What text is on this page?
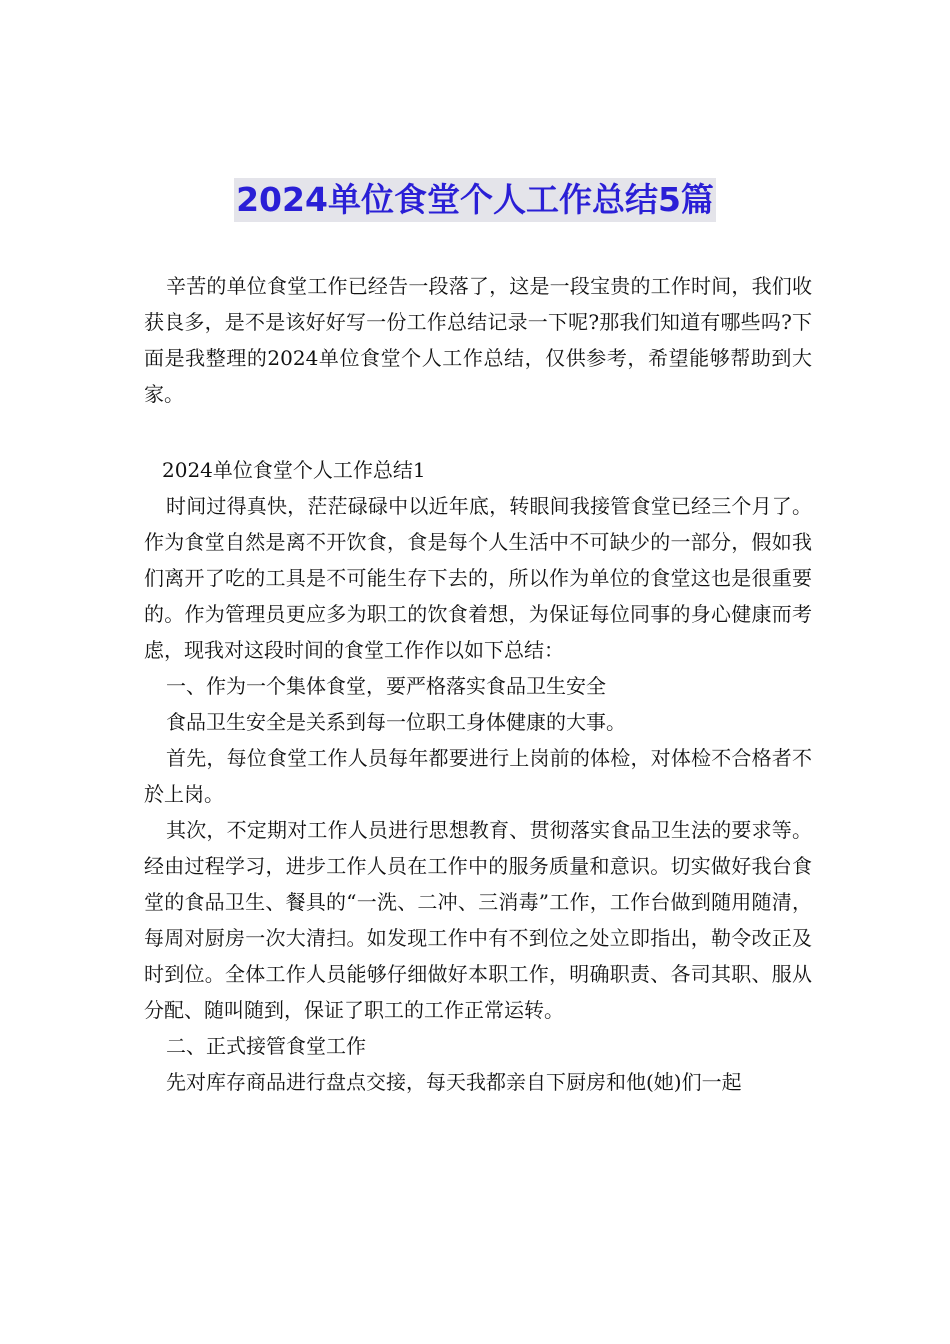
2024单位食堂个人工作总结5篇

辛苦的单位食堂工作已经告一段落了，这是一段宝贵的工作时间，我们收获良多，是不是该好好写一份工作总结记录一下呢?那我们知道有哪些吗?下面是我整理的2024单位食堂个人工作总结，仅供参考，希望能够帮助到大家。

2024单位食堂个人工作总结1

时间过得真快，茫茫碌碌中以近年底，转眼间我接管食堂已经三个月了。作为食堂自然是离不开饮食，食是每个人生活中不可缺少的一部分，假如我们离开了吃的工具是不可能生存下去的，所以作为单位的食堂这也是很重要的。作为管理员更应多为职工的饮食着想，为保证每位同事的身心健康而考虑，现我对这段时间的食堂工作作以如下总结：

一、作为一个集体食堂，要严格落实食品卫生安全

食品卫生安全是关系到每一位职工身体健康的大事。

首先，每位食堂工作人员每年都要进行上岗前的体检，对体检不合格者不於上岗。

其次，不定期对工作人员进行思想教育、贯彻落实食品卫生法的要求等。经由过程学习，进步工作人员在工作中的服务质量和意识。切实做好我台食堂的食品卫生、餐具的“一洗、二冲、三消毒”工作，工作台做到随用随清，每周对厨房一次大清扫。如发现工作中有不到位之处立即指出，勒令改正及时到位。全体工作人员能够仔细做好本职工作，明确职责、各司其职、服从分配、随叫随到，保证了职工的工作正常运转。

二、正式接管食堂工作

先对库存商品进行盘点交接，每天我都亲自下厨房和他(她)们一起
